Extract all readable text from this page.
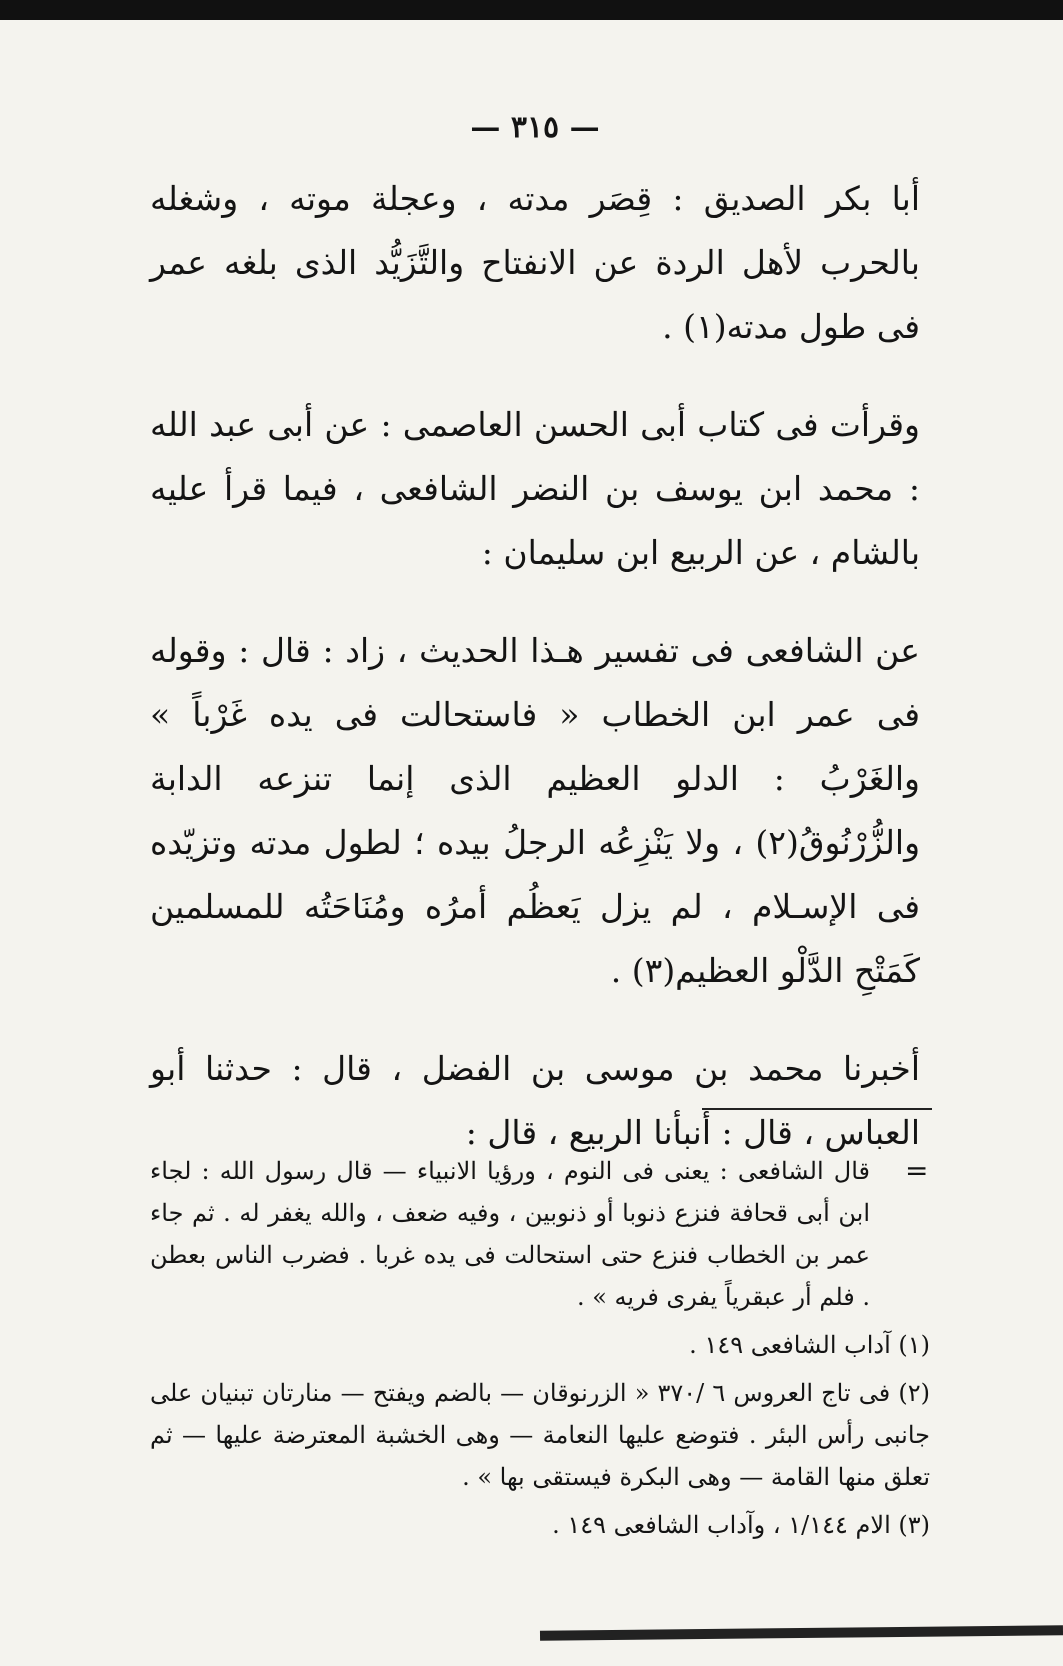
— ٣١٥ —

أبا بكر الصديق : قِصَر مدته ، وعجلة موته ، وشغله بالحرب لأهل الردة عن الانفتاح والتَّزَيُّد الذى بلغه عمر فى طول مدته(١) .

وقرأت فى كتاب أبى الحسن العاصمى : عن أبى عبد الله : محمد ابن يوسف بن النضر الشافعى ، فيما قرأ عليه بالشام ، عن الربيع ابن سليمان :

عن الشافعى فى تفسير هـذا الحديث ، زاد : قال : وقوله فى عمر ابن الخطاب « فاستحالت فى يده غَرْباً » والغَرْبُ : الدلو العظيم الذى إنما تنزعه الدابة والزُّرْنُوقُ(٢) ، ولا يَنْزِعُه الرجلُ بيده ؛ لطول مدته وتزيّده فى الإسـلام ، لم يزل يَعظُم أمرُه ومُنَاحَتُه للمسلمين كَمَتْحِ الدَّلْو العظيم(٣) .

أخبرنا محمد بن موسى بن الفضل ، قال : حدثنا أبو العباس ، قال : أنبأنا الربيع ، قال :

=

قال الشافعى : يعنى فى النوم ، ورؤيا الانبياء — قال رسول الله : لجاء ابن أبى قحافة فنزع ذنوبا أو ذنوبين ، وفيه ضعف ، والله يغفر له . ثم جاء عمر بن الخطاب فنزع حتى استحالت فى يده غربا . فضرب الناس بعطن . فلم أر عبقرياً يفرى فريه » .

(١) آداب الشافعى ١٤٩ .

(٢) فى تاج العروس ٦ /٣٧٠ « الزرنوقان — بالضم ويفتح — منارتان تبنيان على جانبى رأس البئر . فتوضع عليها النعامة — وهى الخشبة المعترضة عليها — ثم تعلق منها القامة — وهى البكرة فيستقى بها » .

(٣) الام ١/١٤٤ ، وآداب الشافعى ١٤٩ .
